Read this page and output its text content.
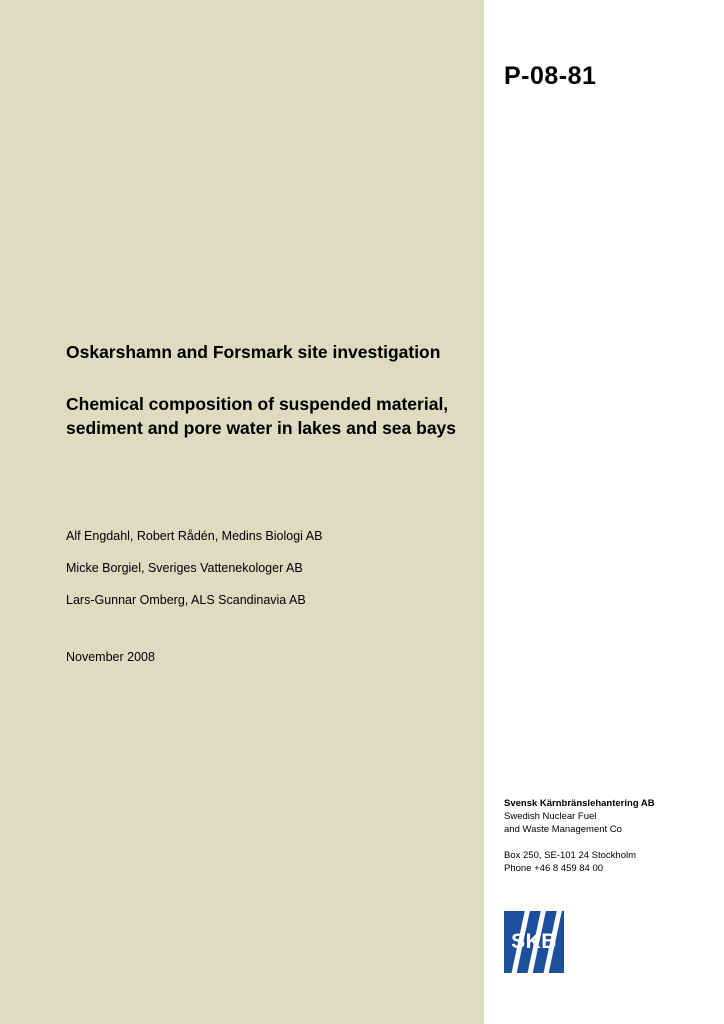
P-08-81
Oskarshamn and Forsmark site investigation
Chemical composition of suspended material, sediment and pore water in lakes and sea bays
Alf Engdahl, Robert Rådén, Medins Biologi AB
Micke Borgiel, Sveriges Vattenekologer AB
Lars-Gunnar Omberg, ALS Scandinavia AB
November 2008
Svensk Kärnbränslehantering AB
Swedish Nuclear Fuel
and Waste Management Co
Box 250, SE-101 24 Stockholm
Phone +46 8 459 84 00
SKB
